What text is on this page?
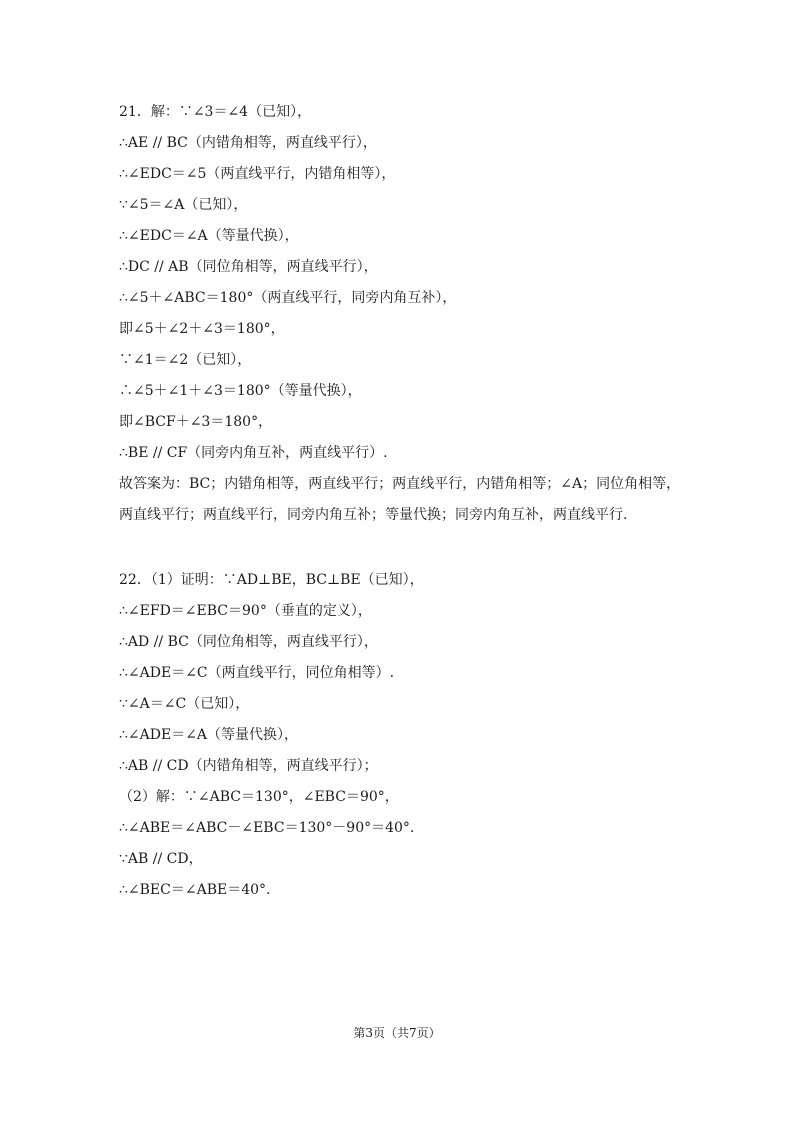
21．解：∵∠3＝∠4（已知），
∴AE // BC（内错角相等，两直线平行），
∴∠EDC＝∠5（两直线平行，内错角相等），
∵∠5＝∠A（已知），
∴∠EDC＝∠A（等量代换），
∴DC // AB（同位角相等，两直线平行），
∴∠5＋∠ABC＝180°（两直线平行，同旁内角互补），
即∠5＋∠2＋∠3＝180°，
∵∠1＝∠2（已知），
∴∠5＋∠1＋∠3＝180°（等量代换），
即∠BCF＋∠3＝180°，
∴BE // CF（同旁内角互补，两直线平行）.
故答案为：BC；内错角相等，两直线平行；两直线平行，内错角相等；∠A；同位角相等，
两直线平行；两直线平行，同旁内角互补；等量代换；同旁内角互补，两直线平行.
22．（1）证明：∵AD⊥BE，BC⊥BE（已知），
∴∠EFD＝∠EBC＝90°（垂直的定义），
∴AD // BC（同位角相等，两直线平行），
∴∠ADE＝∠C（两直线平行，同位角相等）.
∵∠A＝∠C（已知），
∴∠ADE＝∠A（等量代换），
∴AB // CD（内错角相等，两直线平行）；
（2）解：∵∠ABC＝130°，∠EBC＝90°，
∴∠ABE＝∠ABC－∠EBC＝130°－90°＝40°.
∵AB // CD，
∴∠BEC＝∠ABE＝40°.
第3页（共7页）
